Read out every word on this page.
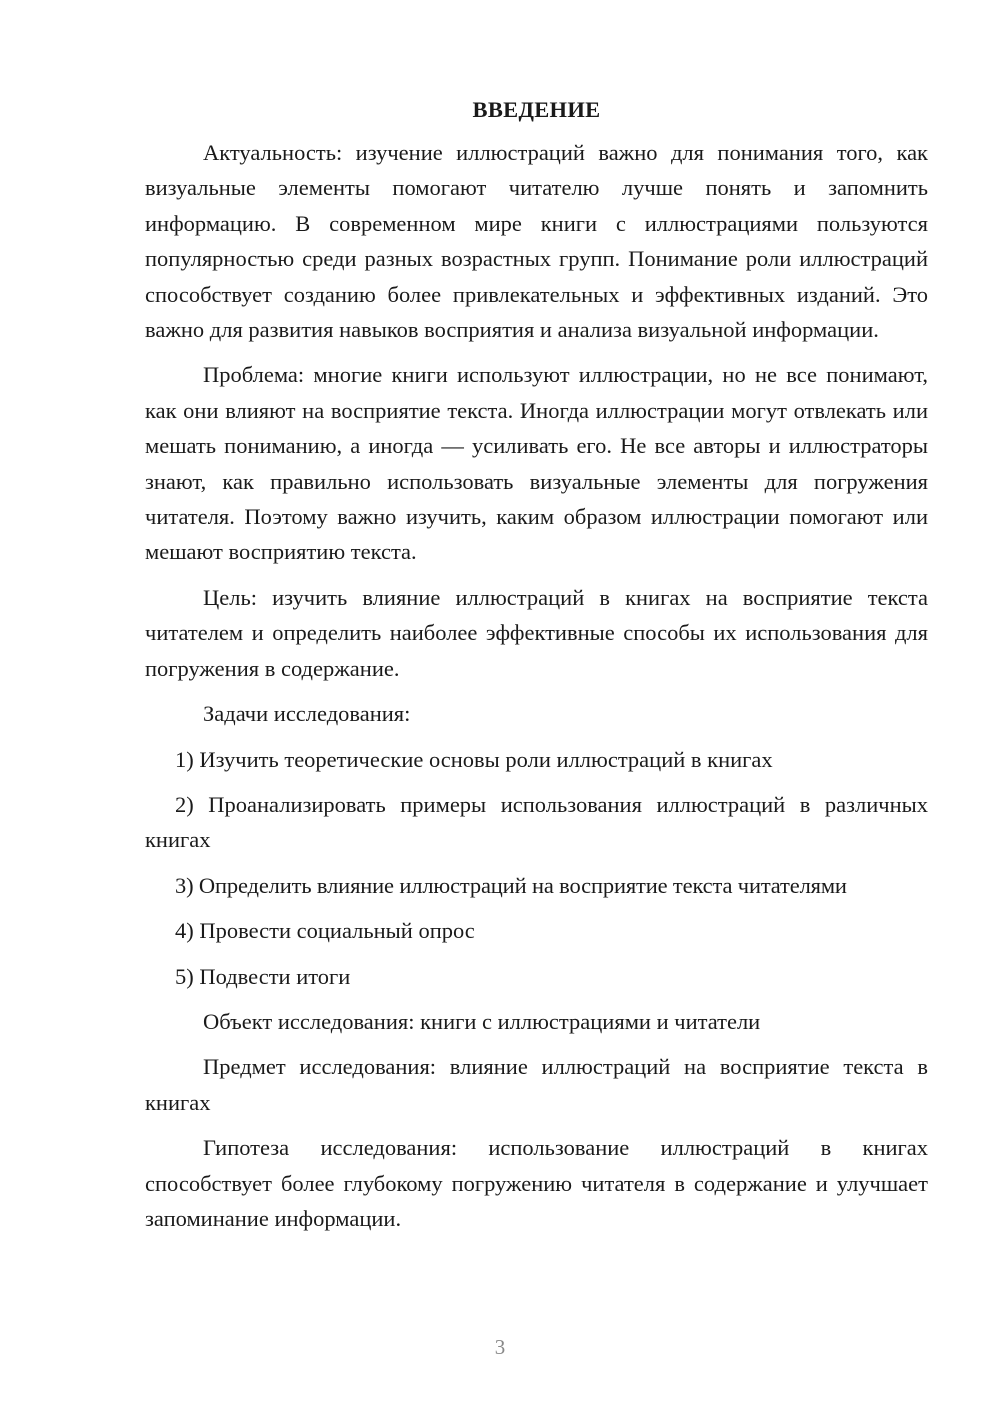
ВВЕДЕНИЕ

Актуальность: изучение иллюстраций важно для понимания того, как визуальные элементы помогают читателю лучше понять и запомнить информацию. В современном мире книги с иллюстрациями пользуются популярностью среди разных возрастных групп. Понимание роли иллюстраций способствует созданию более привлекательных и эффективных изданий. Это важно для развития навыков восприятия и анализа визуальной информации.

Проблема: многие книги используют иллюстрации, но не все понимают, как они влияют на восприятие текста. Иногда иллюстрации могут отвлекать или мешать пониманию, а иногда — усиливать его. Не все авторы и иллюстраторы знают, как правильно использовать визуальные элементы для погружения читателя. Поэтому важно изучить, каким образом иллюстрации помогают или мешают восприятию текста.

Цель: изучить влияние иллюстраций в книгах на восприятие текста читателем и определить наиболее эффективные способы их использования для погружения в содержание.

Задачи исследования:

1) Изучить теоретические основы роли иллюстраций в книгах

2) Проанализировать примеры использования иллюстраций в различных книгах

3) Определить влияние иллюстраций на восприятие текста читателями

4) Провести социальный опрос

5) Подвести итоги

Объект исследования: книги с иллюстрациями и читатели

Предмет исследования: влияние иллюстраций на восприятие текста в книгах

Гипотеза исследования: использование иллюстраций в книгах способствует более глубокому погружению читателя в содержание и улучшает запоминание информации.

3
